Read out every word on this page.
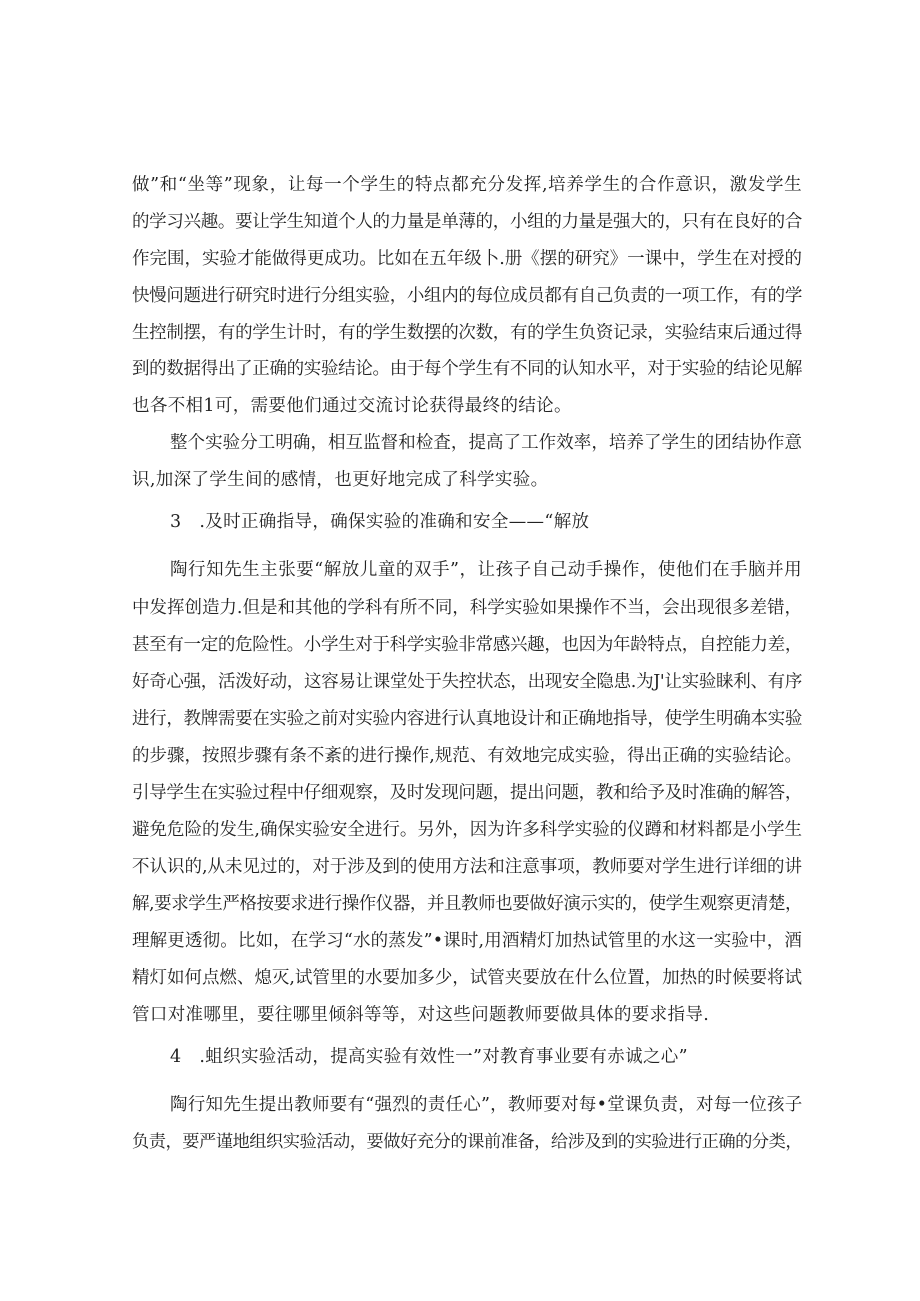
做”和“坐等”现象，让每一个学生的特点都充分发挥,培养学生的合作意识，激发学生
的学习兴趣。要让学生知道个人的力量是单薄的，小组的力量是强大的，只有在良好的合
作完围，实验才能做得更成功。比如在五年级卜.册《摆的研究》一课中，学生在对授的
快慢问题进行研究时进行分组实验，小组内的每位成员都有自己负责的一项工作，有的学
生控制摆，有的学生计时，有的学生数摆的次数，有的学生负资记录，实验结束后通过得
到的数据得出了正确的实验结论。由于每个学生有不同的认知水平，对于实验的结论见解
也各不相1可，需要他们通过交流讨论获得最终的结论。
整个实验分工明确，相互监督和检査，提高了工作效率，培养了学生的团结协作意
识,加深了学生间的感情，也更好地完成了科学实验。
3　.及时正确指导，确保实验的准确和安全——“解放
陶行知先生主张要“解放儿童的双手”，让孩子自己动手操作，使他们在手脑并用
中发挥创造力.但是和其他的学科有所不同，科学实验如果操作不当，会出现很多差错，
甚至有一定的危险性。小学生对于科学实验非常感兴趣，也因为年龄特点，自控能力差，
好奇心强，活泼好动，这容易让课堂处于失控状态，出现安全隐患.为J'让实验睐利、有序
进行，教牌需要在实验之前对实验内容进行认真地设计和正确地指导，使学生明确本实验
的步骤，按照步骤有条不紊的进行操作,规范、有效地完成实验，得出正确的实验结论。
引导学生在实验过程中仔细观察，及时发现问题，提出问题，教和给予及时准确的解答，
避免危险的发生,确保实验安全进行。另外，因为许多科学实验的仪蹲和材料都是小学生
不认识的,从未见过的，对于涉及到的使用方法和注意事项，教师要对学生进行详细的讲
解,要求学生严格按要求进行操作仪器，并且教师也要做好演示实的，使学生观察更清楚，
理解更透彻。比如，在学习“水的蒸发”•课时,用酒精灯加热试管里的水这一实验中，酒
精灯如何点燃、熄灭,试管里的水要加多少，试管夹要放在什么位置，加热的时候要将试
管口对准哪里，要往哪里倾斜等等，对这些问题教师要做具体的要求指导.
4　.蛆织实验活动，提高实验有效性一”对教育事业要有赤诚之心”
陶行知先生提出教师要有“强烈的责任心”，教师要对每•堂课负责，对每一位孩子
负责，要严谨地组织实验活动，要做好充分的课前准备，给涉及到的实验进行正确的分类，
